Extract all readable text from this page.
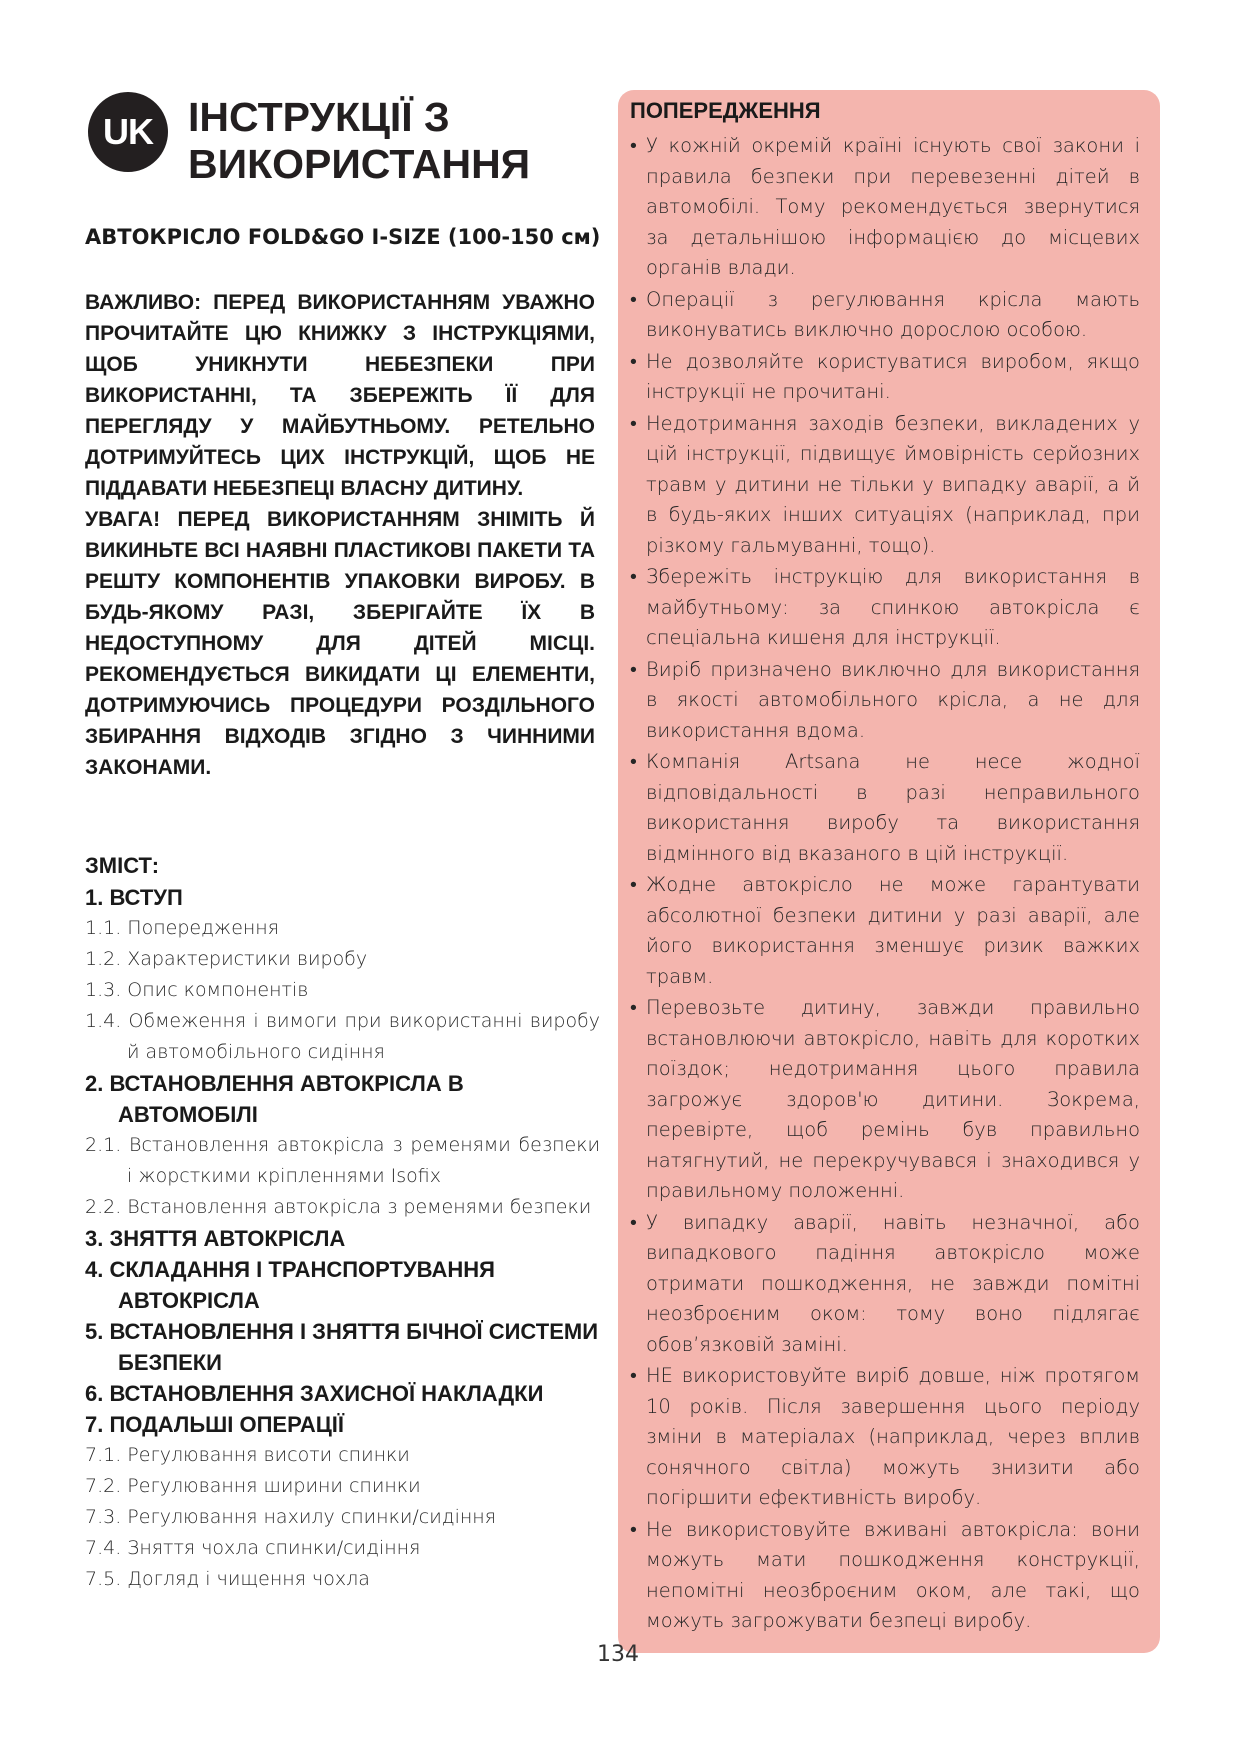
UK ІНСТРУКЦІЇ З
ВИКОРИСТАННЯ

АВТОКРІСЛО FOLD&GO I-SIZE (100-150 см)

ВАЖЛИВО: ПЕРЕД ВИКОРИСТАННЯМ УВАЖНО ПРОЧИТАЙТЕ ЦЮ КНИЖКУ З ІНСТРУКЦІЯМИ, ЩОБ УНИКНУТИ НЕБЕЗПЕКИ ПРИ ВИКОРИСТАННІ, ТА ЗБЕРЕЖІТЬ ЇЇ ДЛЯ ПЕРЕГЛЯДУ У МАЙБУТНЬОМУ. РЕТЕЛЬНО ДОТРИМУЙТЕСЬ ЦИХ ІНСТРУКЦІЙ, ЩОБ НЕ ПІДДАВАТИ НЕБЕЗПЕЦІ ВЛАСНУ ДИТИНУ.
УВАГА! ПЕРЕД ВИКОРИСТАННЯМ ЗНІМІТЬ Й ВИКИНЬТЕ ВСІ НАЯВНІ ПЛАСТИКОВІ ПАКЕТИ ТА РЕШТУ КОМПОНЕНТІВ УПАКОВКИ ВИРОБУ. В БУДЬ-ЯКОМУ РАЗІ, ЗБЕРІГАЙТЕ ЇХ В НЕДОСТУПНОМУ ДЛЯ ДІТЕЙ МІСЦІ. РЕКОМЕНДУЄТЬСЯ ВИКИДАТИ ЦІ ЕЛЕМЕНТИ, ДОТРИМУЮЧИСЬ ПРОЦЕДУРИ РОЗДІЛЬНОГО ЗБИРАННЯ ВІДХОДІВ ЗГІДНО З ЧИННИМИ ЗАКОНАМИ.

ЗМІСТ:

1. ВСТУП
1.1. Попередження
1.2. Характеристики виробу
1.3. Опис компонентів
1.4. Обмеження і вимоги при використанні виробу й автомобільного сидіння
2. ВСТАНОВЛЕННЯ АВТОКРІСЛА В АВТОМОБІЛІ
2.1. Встановлення автокрісла з ременями безпеки і жорсткими кріпленнями Isofix
2.2. Встановлення автокрісла з ременями безпеки
3. ЗНЯТТЯ АВТОКРІСЛА
4. СКЛАДАННЯ І ТРАНСПОРТУВАННЯ АВТОКРІСЛА
5. ВСТАНОВЛЕННЯ І ЗНЯТТЯ БІЧНОЇ СИСТЕМИ БЕЗПЕКИ
6. ВСТАНОВЛЕННЯ ЗАХИСНОЇ НАКЛАДКИ
7. ПОДАЛЬШІ ОПЕРАЦІЇ
7.1. Регулювання висоти спинки
7.2. Регулювання ширини спинки
7.3. Регулювання нахилу спинки/сидіння
7.4. Зняття чохла спинки/сидіння
7.5. Догляд і чищення чохла

ПОПЕРЕДЖЕННЯ

• У кожній окремій країні існують свої закони і правила безпеки при перевезенні дітей в автомобілі. Тому рекомендується звернутися за детальнішою інформацією до місцевих органів влади.
• Операції з регулювання крісла мають виконуватись виключно дорослою особою.
• Не дозволяйте користуватися виробом, якщо інструкції не прочитані.
• Недотримання заходів безпеки, викладених у цій інструкції, підвищує ймовірність серйозних травм у дитини не тільки у випадку аварії, а й в будь-яких інших ситуаціях (наприклад, при різкому гальмуванні, тощо).
• Збережіть інструкцію для використання в майбутньому: за спинкою автокрісла є спеціальна кишеня для інструкції.
• Виріб призначено виключно для використання в якості автомобільного крісла, а не для використання вдома.
• Компанія Artsana не несе жодної відповідальності в разі неправильного використання виробу та використання відмінного від вказаного в цій інструкції.
• Жодне автокрісло не може гарантувати абсолютної безпеки дитини у разі аварії, але його використання зменшує ризик важких травм.
• Перевозьте дитину, завжди правильно встановлюючи автокрісло, навіть для коротких поїздок; недотримання цього правила загрожує здоров'ю дитини. Зокрема, перевірте, щоб ремінь був правильно натягнутий, не перекручувався і знаходився у правильному положенні.
• У випадку аварії, навіть незначної, або випадкового падіння автокрісло може отримати пошкодження, не завжди помітні неозброєним оком: тому воно підлягає обов’язковій заміні.
• НЕ використовуйте виріб довше, ніж протягом 10 років. Після завершення цього періоду зміни в матеріалах (наприклад, через вплив сонячного світла) можуть знизити або погіршити ефективність виробу.
• Не використовуйте вживані автокрісла: вони можуть мати пошкодження конструкції, непомітні неозброєним оком, але такі, що можуть загрожувати безпеці виробу.

134
